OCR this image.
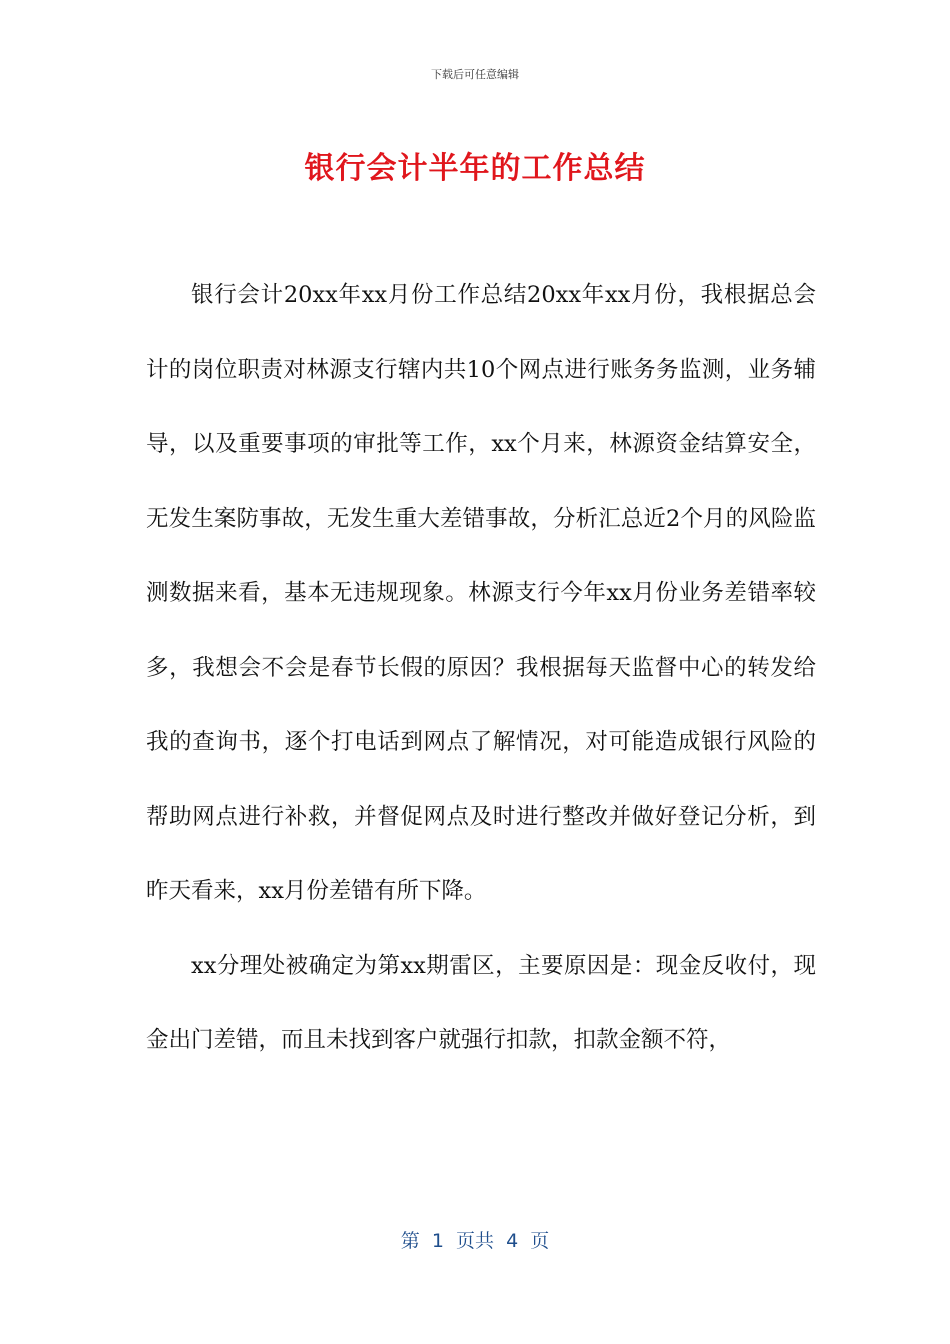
下载后可任意编辑
银行会计半年的工作总结

银行会计20xx年xx月份工作总结20xx年xx月份，我根据总会计的岗位职责对林源支行辖内共10个网点进行账务务监测，业务辅导，以及重要事项的审批等工作，xx个月来，林源资金结算安全，无发生案防事故，无发生重大差错事故，分析汇总近2个月的风险监测数据来看，基本无违规现象。林源支行今年xx月份业务差错率较多，我想会不会是春节长假的原因？我根据每天监督中心的转发给我的查询书，逐个打电话到网点了解情况，对可能造成银行风险的帮助网点进行补救，并督促网点及时进行整改并做好登记分析，到昨天看来，xx月份差错有所下降。

xx分理处被确定为第xx期雷区，主要原因是：现金反收付，现金出门差错，而且未找到客户就强行扣款，扣款金额不符，

第  1  页共  4  页
